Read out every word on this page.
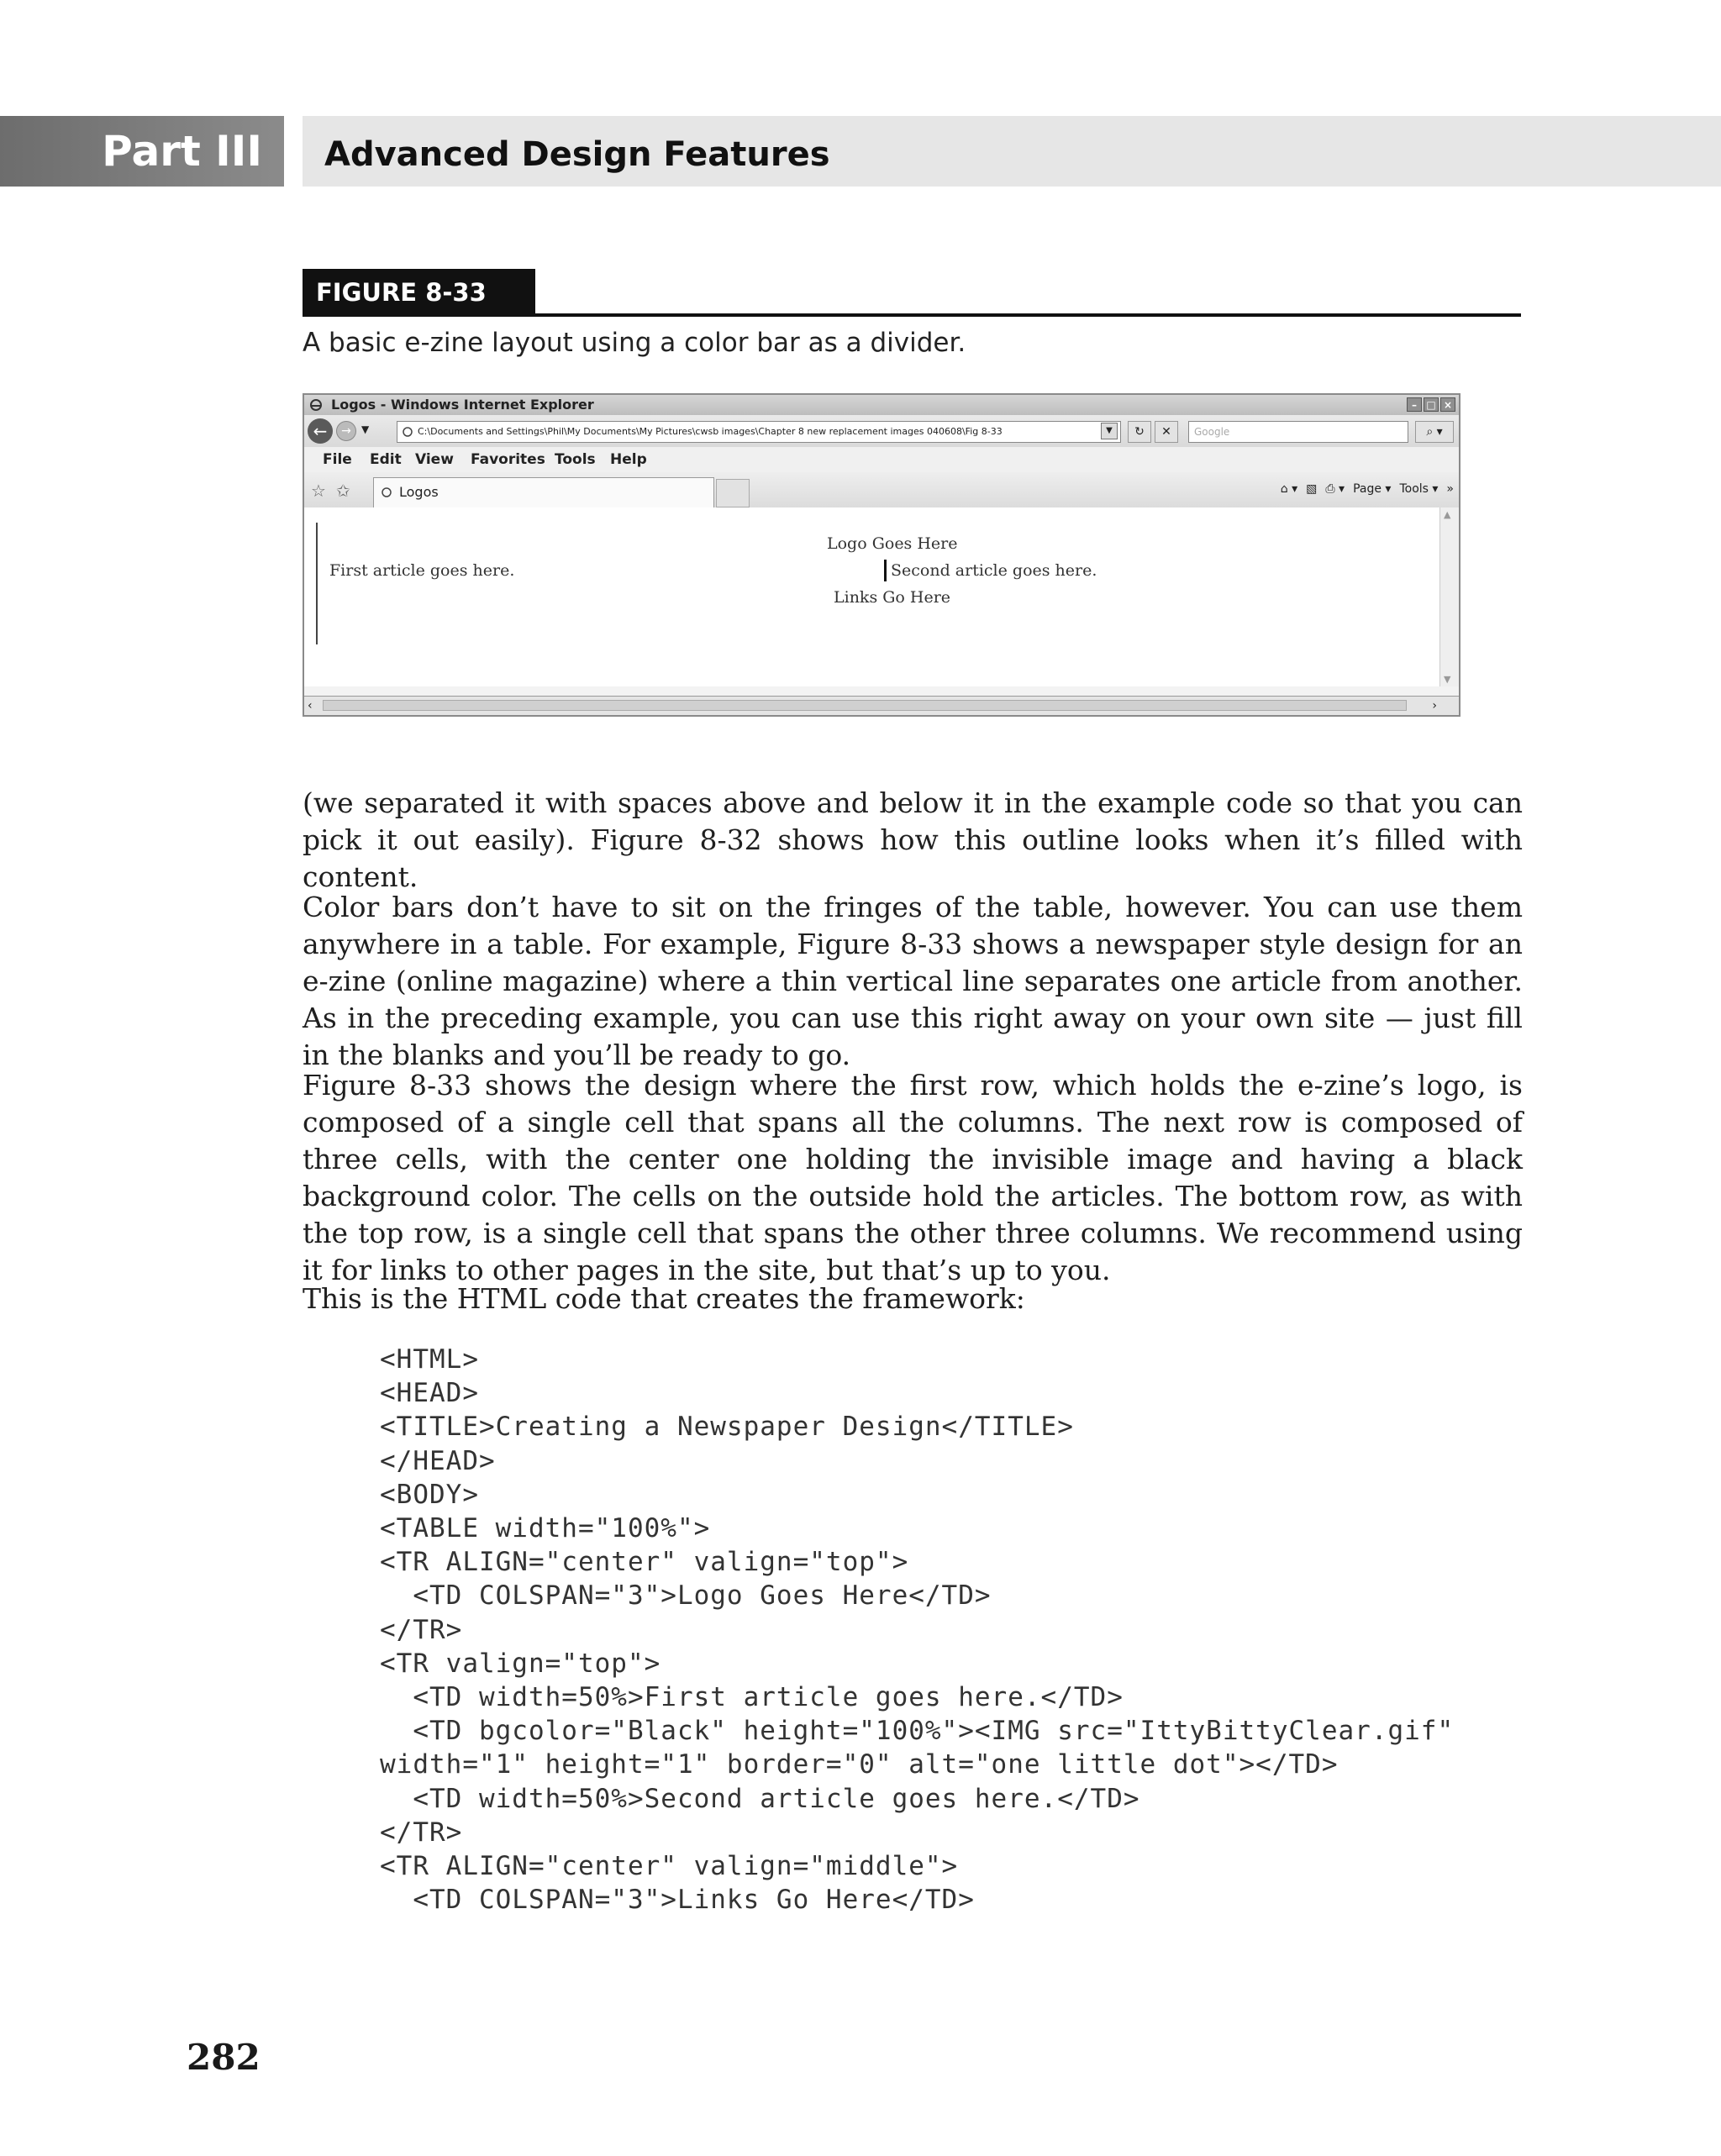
Part III	Advanced Design Features
FIGURE 8-33
A basic e-zine layout using a color bar as a divider.
Logos - Windows Internet Explorer	– □ ×
←	→	▼	C:\Documents and Settings\Phil\My Documents\My Pictures\cwsb images\Chapter 8 new replacement images 040608\Fig 8-33	▼	↻	✕	Google	⌕ ▾
File Edit View Favorites Tools Help
☆ ✩	Logos	⌂ ▾ ▧ ⎙ ▾ Page ▾ Tools ▾ »
Logo Goes Here
First article goes here.	Second article goes here.
Links Go Here
▲
▼
‹	›

(we separated it with spaces above and below it in the example code so that you can pick it out easily). Figure 8-32 shows how this outline looks when it’s filled with content.

Color bars don’t have to sit on the fringes of the table, however. You can use them anywhere in a table. For example, Figure 8-33 shows a newspaper style design for an e-zine (online magazine) where a thin vertical line separates one article from another. As in the preceding example, you can use this right away on your own site — just fill in the blanks and you’ll be ready to go.

Figure 8-33 shows the design where the first row, which holds the e-zine’s logo, is composed of a single cell that spans all the columns. The next row is composed of three cells, with the center one holding the invisible image and having a black background color. The cells on the outside hold the articles. The bottom row, as with the top row, is a single cell that spans the other three columns. We recommend using it for links to other pages in the site, but that’s up to you.

This is the HTML code that creates the framework:

<HTML>
<HEAD>
<TITLE>Creating a Newspaper Design</TITLE>
</HEAD>
<BODY>
<TABLE width="100%">
<TR ALIGN="center" valign="top">
<TD COLSPAN="3">Logo Goes Here</TD>
</TR>
<TR valign="top">
<TD width=50%>First article goes here.</TD>
<TD bgcolor="Black" height="100%"><IMG src="IttyBittyClear.gif"
width="1" height="1" border="0" alt="one little dot"></TD>
<TD width=50%>Second article goes here.</TD>
</TR>
<TR ALIGN="center" valign="middle">
<TD COLSPAN="3">Links Go Here</TD>
282
